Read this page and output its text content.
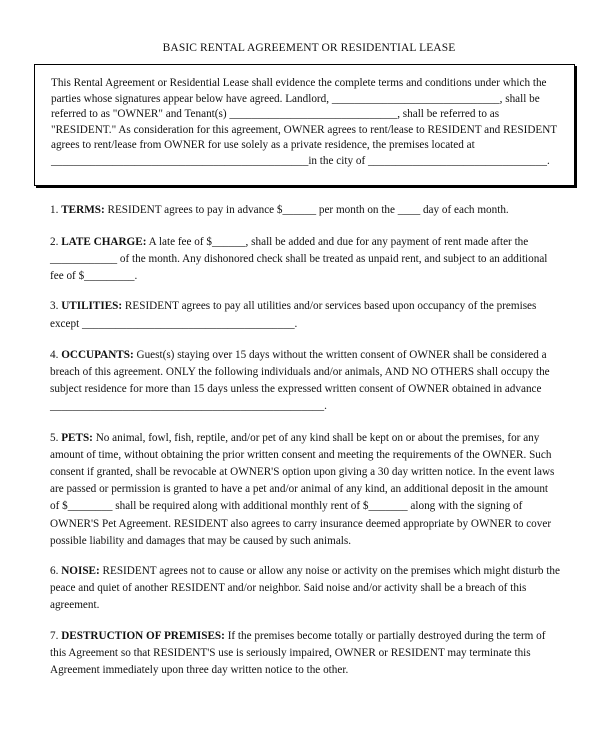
BASIC RENTAL AGREEMENT OR RESIDENTIAL LEASE

This Rental Agreement or Residential Lease shall evidence the complete terms and conditions under which the parties whose signatures appear below have agreed. Landlord, ______________________________, shall be referred to as "OWNER" and Tenant(s) ______________________________, shall be referred to as "RESIDENT." As consideration for this agreement, OWNER agrees to rent/lease to RESIDENT and RESIDENT agrees to rent/lease from OWNER for use solely as a private residence, the premises located at ______________________________________________in the city of ________________________________.

1. TERMS: RESIDENT agrees to pay in advance $______ per month on the ____ day of each month.

2. LATE CHARGE: A late fee of $______, shall be added and due for any payment of rent made after the ____________ of the month. Any dishonored check shall be treated as unpaid rent, and subject to an additional fee of $_________.

3. UTILITIES: RESIDENT agrees to pay all utilities and/or services based upon occupancy of the premises except ______________________________________.

4. OCCUPANTS: Guest(s) staying over 15 days without the written consent of OWNER shall be considered a breach of this agreement. ONLY the following individuals and/or animals, AND NO OTHERS shall occupy the subject residence for more than 15 days unless the expressed written consent of OWNER obtained in advance _________________________________________________.

5. PETS: No animal, fowl, fish, reptile, and/or pet of any kind shall be kept on or about the premises, for any amount of time, without obtaining the prior written consent and meeting the requirements of the OWNER. Such consent if granted, shall be revocable at OWNER'S option upon giving a 30 day written notice. In the event laws are passed or permission is granted to have a pet and/or animal of any kind, an additional deposit in the amount of $________ shall be required along with additional monthly rent of $_______ along with the signing of OWNER'S Pet Agreement. RESIDENT also agrees to carry insurance deemed appropriate by OWNER to cover possible liability and damages that may be caused by such animals.

6. NOISE: RESIDENT agrees not to cause or allow any noise or activity on the premises which might disturb the peace and quiet of another RESIDENT and/or neighbor. Said noise and/or activity shall be a breach of this agreement.

7. DESTRUCTION OF PREMISES: If the premises become totally or partially destroyed during the term of this Agreement so that RESIDENT'S use is seriously impaired, OWNER or RESIDENT may terminate this Agreement immediately upon three day written notice to the other.
